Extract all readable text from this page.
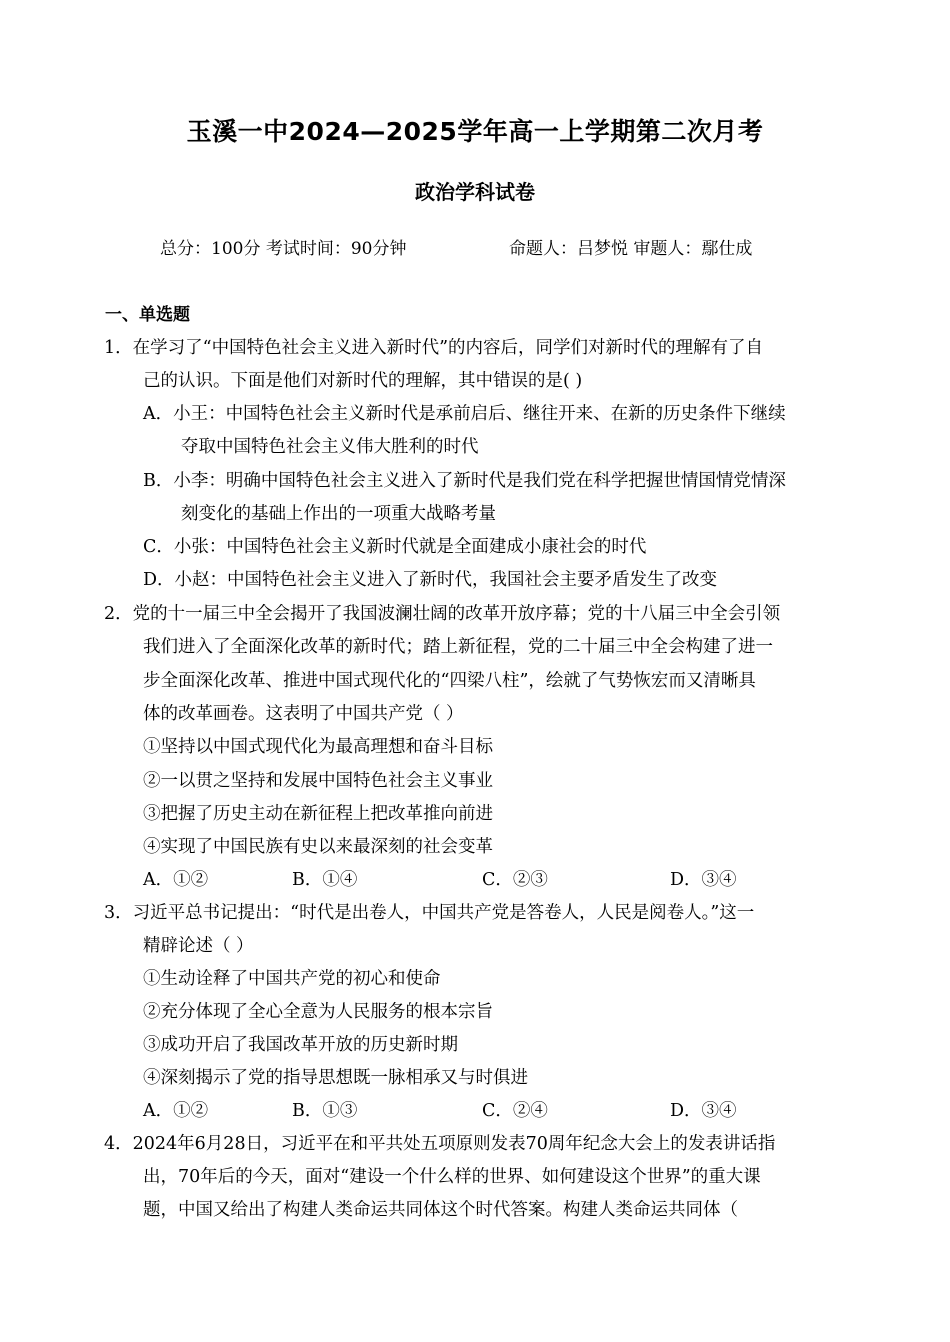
玉溪一中2024—2025学年高一上学期第二次月考
政治学科试卷
总分：100分 考试时间：90分钟	命题人：吕梦悦 审题人：鄢仕成
一、单选题
1．在学习了“中国特色社会主义进入新时代”的内容后，同学们对新时代的理解有了自
己的认识。下面是他们对新时代的理解，其中错误的是( )
A．小王：中国特色社会主义新时代是承前启后、继往开来、在新的历史条件下继续
夺取中国特色社会主义伟大胜利的时代
B．小李：明确中国特色社会主义进入了新时代是我们党在科学把握世情国情党情深
刻变化的基础上作出的一项重大战略考量
C．小张：中国特色社会主义新时代就是全面建成小康社会的时代
D．小赵：中国特色社会主义进入了新时代，我国社会主要矛盾发生了改变
2．党的十一届三中全会揭开了我国波澜壮阔的改革开放序幕；党的十八届三中全会引领
我们进入了全面深化改革的新时代；踏上新征程，党的二十届三中全会构建了进一
步全面深化改革、推进中国式现代化的“四梁八柱”，绘就了气势恢宏而又清晰具
体的改革画卷。这表明了中国共产党（ ）
①坚持以中国式现代化为最高理想和奋斗目标
②一以贯之坚持和发展中国特色社会主义事业
③把握了历史主动在新征程上把改革推向前进
④实现了中国民族有史以来最深刻的社会变革
A．①②	B．①④	C．②③	D．③④
3．习近平总书记提出：“时代是出卷人，中国共产党是答卷人，人民是阅卷人。”这一
精辟论述（ ）
①生动诠释了中国共产党的初心和使命
②充分体现了全心全意为人民服务的根本宗旨
③成功开启了我国改革开放的历史新时期
④深刻揭示了党的指导思想既一脉相承又与时俱进
A．①②	B．①③	C．②④	D．③④
4．2024年6月28日，习近平在和平共处五项原则发表70周年纪念大会上的发表讲话指
出，70年后的今天，面对“建设一个什么样的世界、如何建设这个世界”的重大课
题，中国又给出了构建人类命运共同体这个时代答案。构建人类命运共同体（
